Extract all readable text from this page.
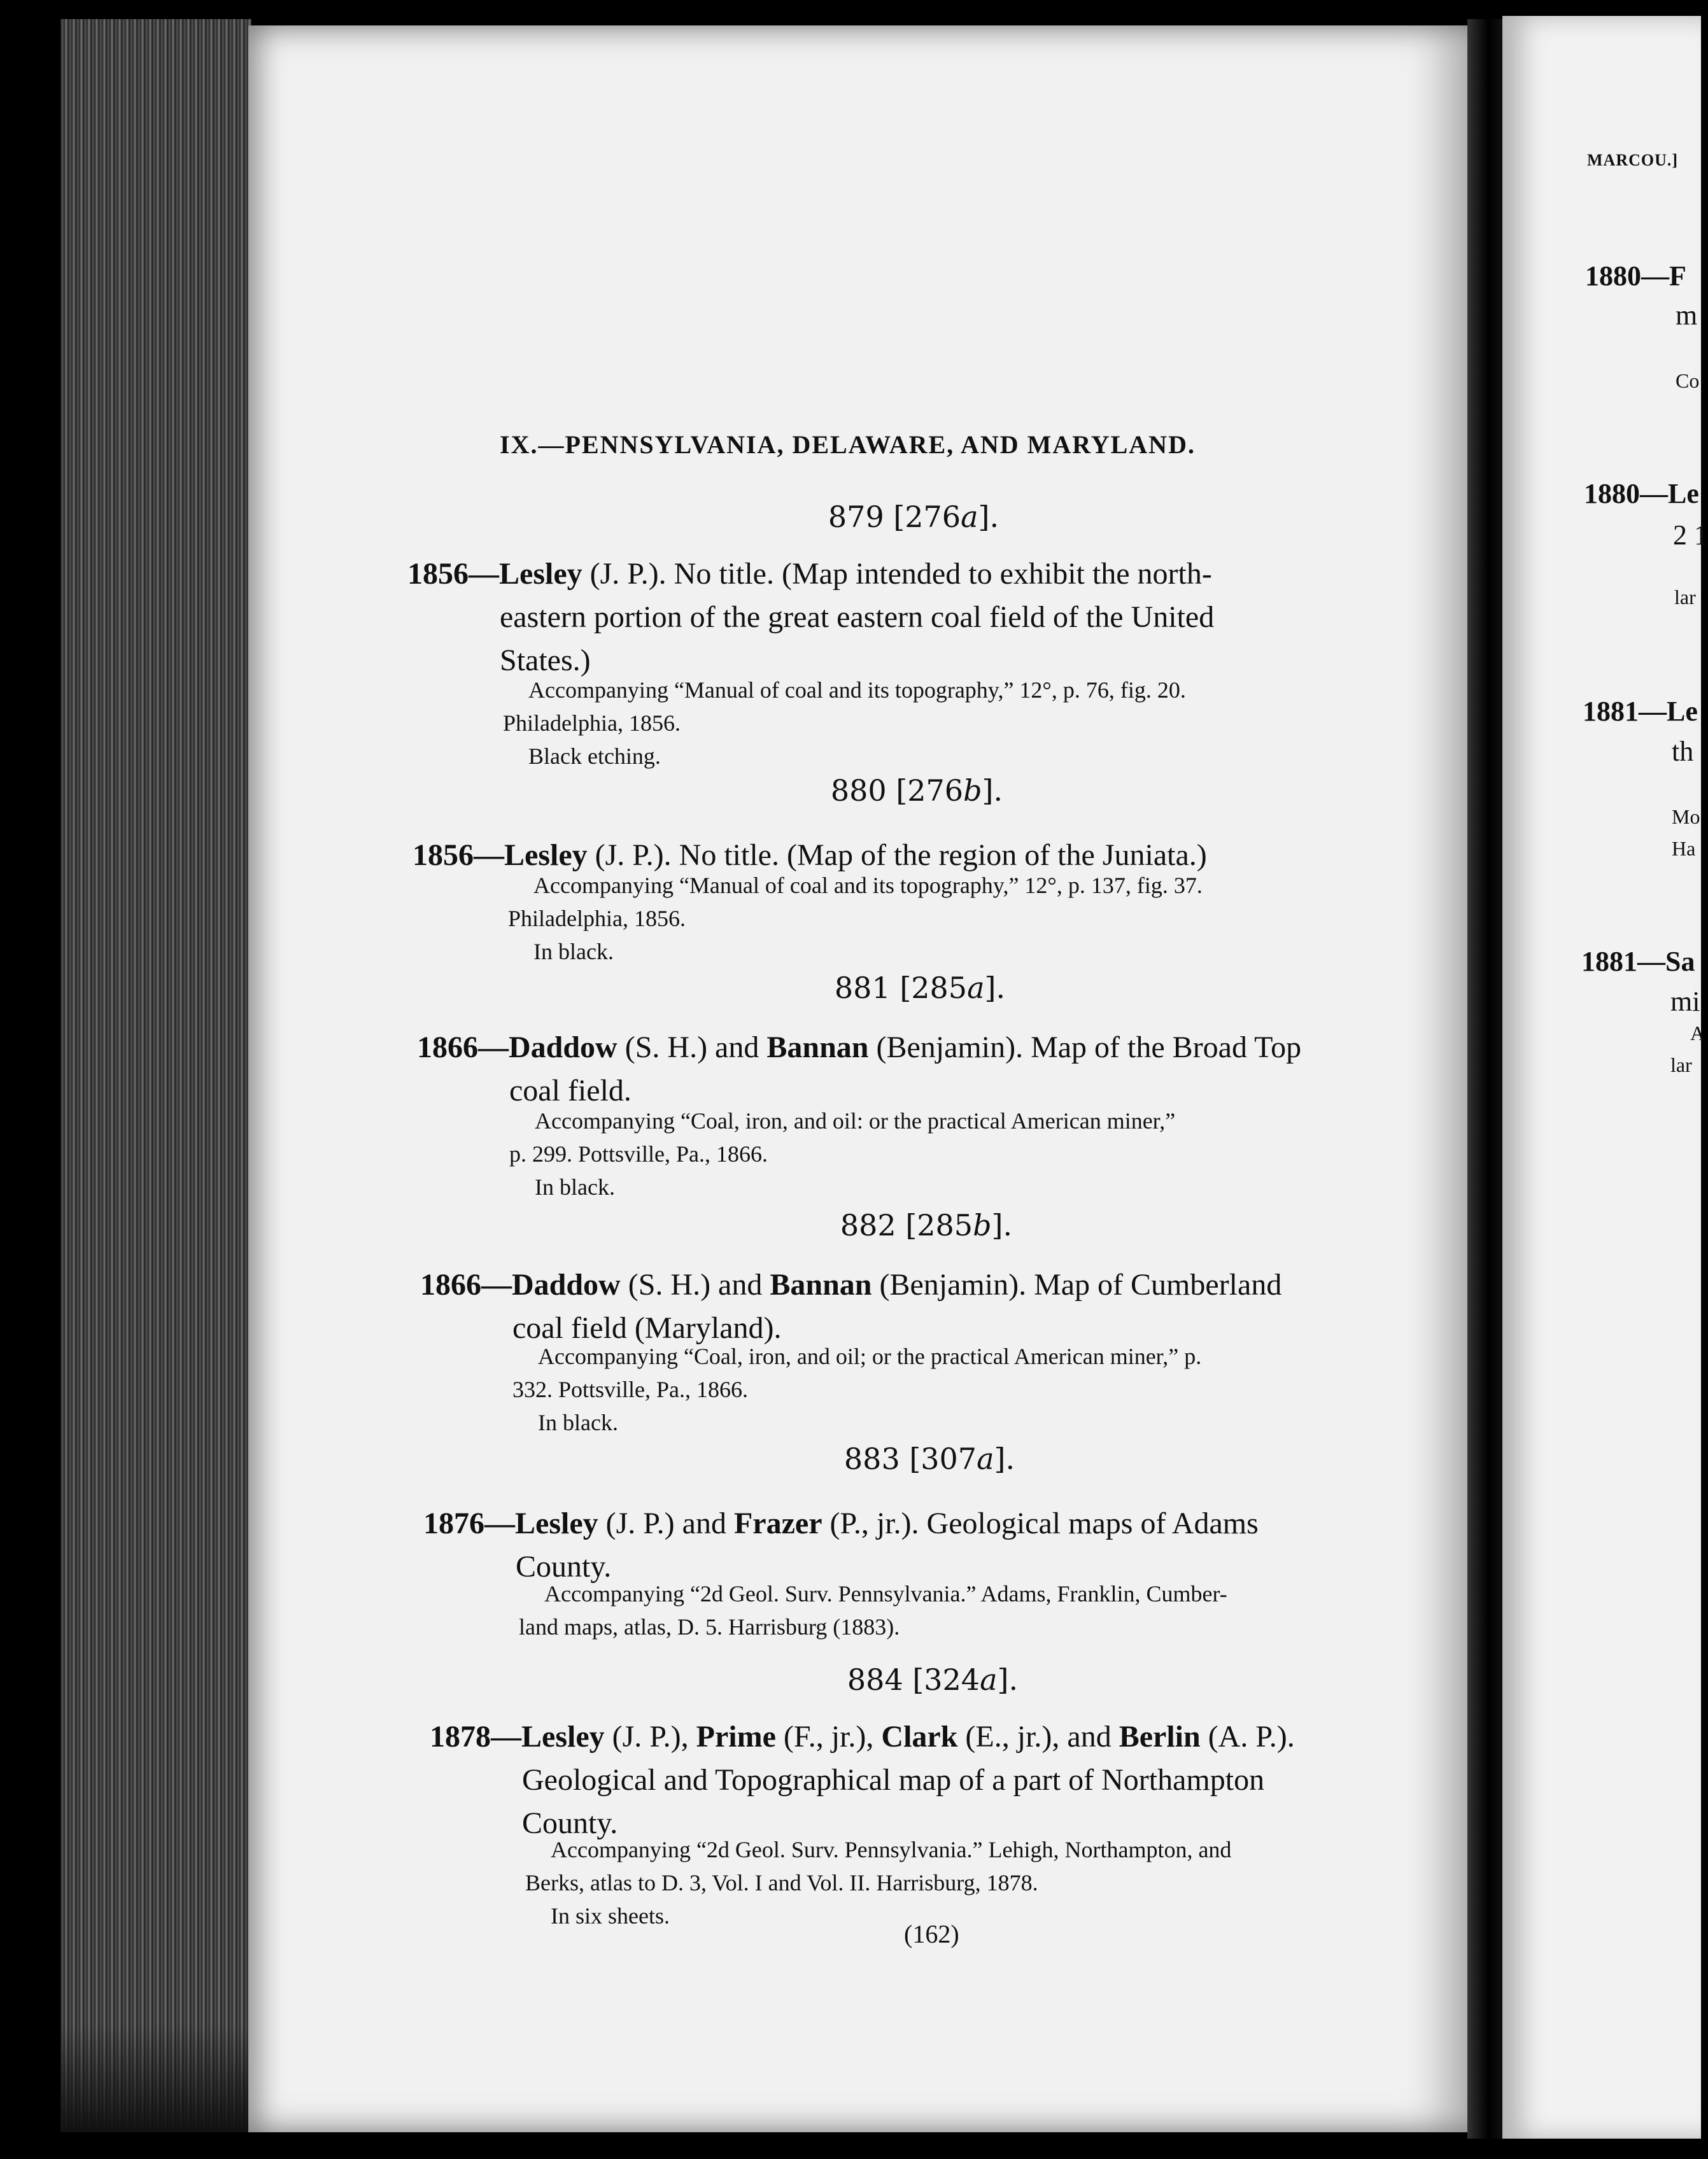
IX.—PENNSYLVANIA, DELAWARE, AND MARYLAND.
879 [276a].
1856—Lesley (J. P.). No title. (Map intended to exhibit the north-
eastern portion of the great eastern coal field of the United
States.)
Accompanying “Manual of coal and its topography,” 12°, p. 76, fig. 20.
Philadelphia, 1856.
Black etching.
880 [276b].
1856—Lesley (J. P.). No title. (Map of the region of the Juniata.)
Accompanying “Manual of coal and its topography,” 12°, p. 137, fig. 37.
Philadelphia, 1856.
In black.
881 [285a].
1866—Daddow (S. H.) and Bannan (Benjamin). Map of the Broad Top
coal field.
Accompanying “Coal, iron, and oil: or the practical American miner,”
p. 299. Pottsville, Pa., 1866.
In black.
882 [285b].
1866—Daddow (S. H.) and Bannan (Benjamin). Map of Cumberland
coal field (Maryland).
Accompanying “Coal, iron, and oil; or the practical American miner,” p.
332. Pottsville, Pa., 1866.
In black.
883 [307a].
1876—Lesley (J. P.) and Frazer (P., jr.). Geological maps of Adams
County.
Accompanying “2d Geol. Surv. Pennsylvania.” Adams, Franklin, Cumber-
land maps, atlas, D. 5. Harrisburg (1883).
884 [324a].
1878—Lesley (J. P.), Prime (F., jr.), Clark (E., jr.), and Berlin (A. P.).
Geological and Topographical map of a part of Northampton
County.
Accompanying “2d Geol. Surv. Pennsylvania.” Lehigh, Northampton, and
Berks, atlas to D. 3, Vol. I and Vol. II. Harrisburg, 1878.
In six sheets.
(162)
MARCOU.]
1880—F
m
Co
1880—Le
2 1
lar
1881—Le
th
Mo
Ha
1881—Sa
mi
A
lar
